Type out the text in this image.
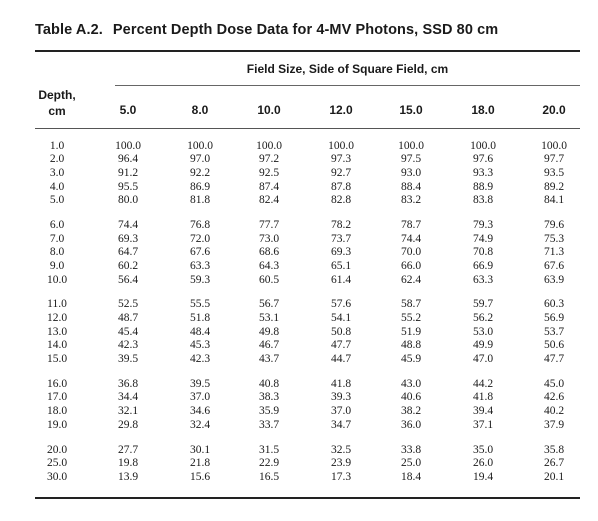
Table A.2. Percent Depth Dose Data for 4-MV Photons, SSD 80 cm
Field Size, Side of Square Field, cm
Depth,
cm	5.0	8.0	10.0	12.0	15.0	18.0	20.0
1.0	100.0	100.0	100.0	100.0	100.0	100.0	100.0
2.0	96.4	97.0	97.2	97.3	97.5	97.6	97.7
3.0	91.2	92.2	92.5	92.7	93.0	93.3	93.5
4.0	95.5	86.9	87.4	87.8	88.4	88.9	89.2
5.0	80.0	81.8	82.4	82.8	83.2	83.8	84.1
6.0	74.4	76.8	77.7	78.2	78.7	79.3	79.6
7.0	69.3	72.0	73.0	73.7	74.4	74.9	75.3
8.0	64.7	67.6	68.6	69.3	70.0	70.8	71.3
9.0	60.2	63.3	64.3	65.1	66.0	66.9	67.6
10.0	56.4	59.3	60.5	61.4	62.4	63.3	63.9
11.0	52.5	55.5	56.7	57.6	58.7	59.7	60.3
12.0	48.7	51.8	53.1	54.1	55.2	56.2	56.9
13.0	45.4	48.4	49.8	50.8	51.9	53.0	53.7
14.0	42.3	45.3	46.7	47.7	48.8	49.9	50.6
15.0	39.5	42.3	43.7	44.7	45.9	47.0	47.7
16.0	36.8	39.5	40.8	41.8	43.0	44.2	45.0
17.0	34.4	37.0	38.3	39.3	40.6	41.8	42.6
18.0	32.1	34.6	35.9	37.0	38.2	39.4	40.2
19.0	29.8	32.4	33.7	34.7	36.0	37.1	37.9
20.0	27.7	30.1	31.5	32.5	33.8	35.0	35.8
25.0	19.8	21.8	22.9	23.9	25.0	26.0	26.7
30.0	13.9	15.6	16.5	17.3	18.4	19.4	20.1
